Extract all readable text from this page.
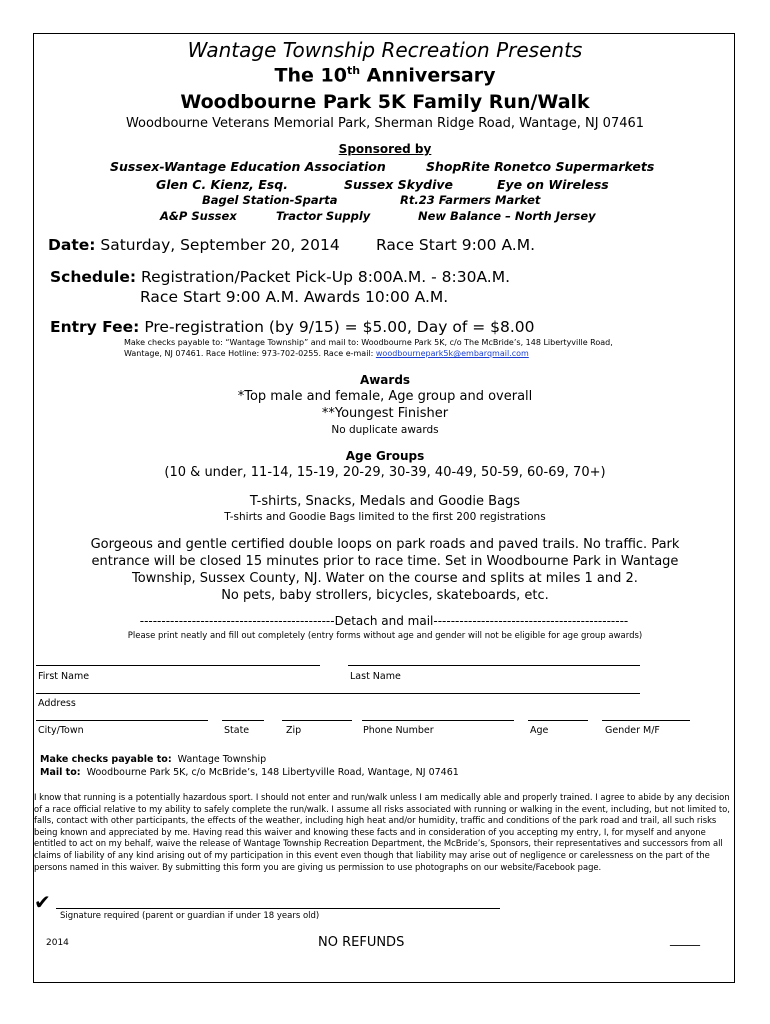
Wantage Township Recreation Presents
The 10th Anniversary
Woodbourne Park 5K Family Run/Walk
Woodbourne Veterans Memorial Park, Sherman Ridge Road, Wantage, NJ 07461
Sponsored by
Sussex-Wantage Education Association	ShopRite Ronetco Supermarkets
Glen C. Kienz, Esq.	Sussex Skydive	Eye on Wireless
Bagel Station-Sparta	Rt.23 Farmers Market
A&P Sussex	Tractor Supply	New Balance – North Jersey
Date: Saturday, September 20, 2014 Race Start 9:00 A.M.
Schedule: Registration/Packet Pick-Up 8:00A.M. - 8:30A.M.
Race Start 9:00 A.M. Awards 10:00 A.M.
Entry Fee: Pre-registration (by 9/15) = $5.00, Day of = $8.00
Make checks payable to: “Wantage Township” and mail to: Woodbourne Park 5K, c/o The McBride’s, 148 Libertyville Road,
Wantage, NJ 07461. Race Hotline: 973-702-0255. Race e-mail: woodbournepark5k@embarqmail.com
Awards
*Top male and female, Age group and overall
**Youngest Finisher
No duplicate awards
Age Groups
(10 & under, 11-14, 15-19, 20-29, 30-39, 40-49, 50-59, 60-69, 70+)
T-shirts, Snacks, Medals and Goodie Bags
T-shirts and Goodie Bags limited to the first 200 registrations
Gorgeous and gentle certified double loops on park roads and paved trails. No traffic. Park
entrance will be closed 15 minutes prior to race time. Set in Woodbourne Park in Wantage
Township, Sussex County, NJ. Water on the course and splits at miles 1 and 2.
No pets, baby strollers, bicycles, skateboards, etc.
---------------------------------------------Detach and mail---------------------------------------------
Please print neatly and fill out completely (entry forms without age and gender will not be eligible for age group awards)
First Name	Last Name
Address
City/Town	State	Zip	Phone Number	Age	Gender M/F
Make checks payable to: Wantage Township
Mail to: Woodbourne Park 5K, c/o McBride’s, 148 Libertyville Road, Wantage, NJ 07461
I know that running is a potentially hazardous sport. I should not enter and run/walk unless I am medically able and properly trained. I agree to abide by any decision of a race official relative to my ability to safely complete the run/walk. I assume all risks associated with running or walking in the event, including, but not limited to, falls, contact with other participants, the effects of the weather, including high heat and/or humidity, traffic and conditions of the park road and trail, all such risks being known and appreciated by me. Having read this waiver and knowing these facts and in consideration of you accepting my entry, I, for myself and anyone entitled to act on my behalf, waive the release of Wantage Township Recreation Department, the McBride’s, Sponsors, their representatives and successors from all claims of liability of any kind arising out of my participation in this event even though that liability may arise out of negligence or carelessness on the part of the persons named in this waiver. By submitting this form you are giving us permission to use photographs on our website/Facebook page.
✔
Signature required (parent or guardian if under 18 years old)
2014	NO REFUNDS	_____
